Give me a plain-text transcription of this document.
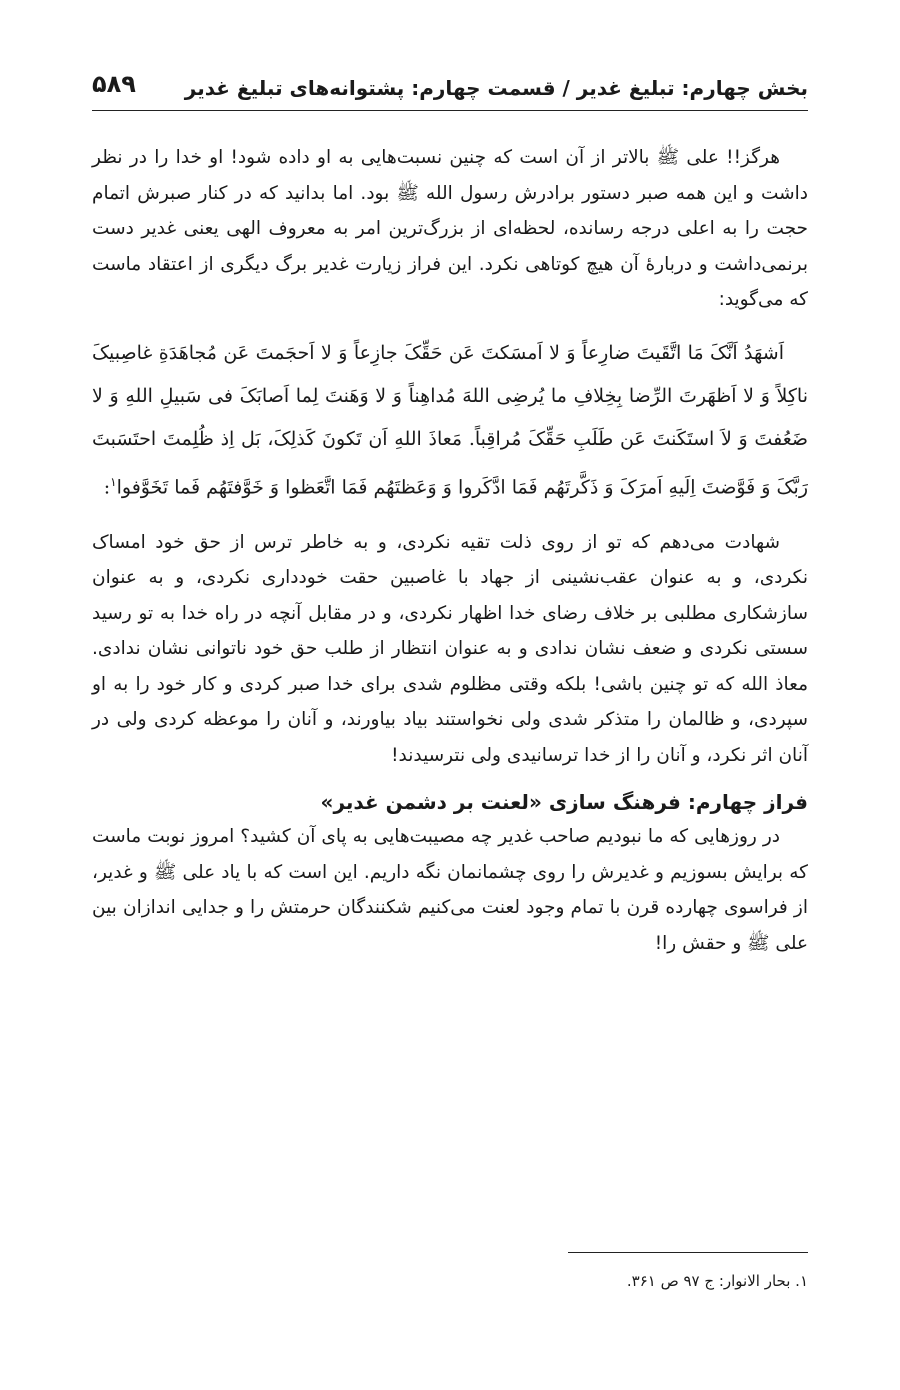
بخش چهارم: تبلیغ غدیر / قسمت چهارم: پشتوانه‌های تبلیغ غدیر
۵۸۹

هرگز!! علی ﷺ بالاتر از آن است که چنین نسبت‌هایی به او داده شود! او خدا را در نظر داشت و این همه صبر دستور برادرش رسول الله ﷺ بود. اما بدانید که در کنار صبرش اتمام حجت را به اعلی درجه رسانده، لحظه‌ای از بزرگ‌ترین امر به معروف الهی یعنی غدیر دست برنمی‌داشت و دربارهٔ آن هیچ کوتاهی نکرد. این فراز زیارت غدیر برگ دیگری از اعتقاد ماست که می‌گوید:

اَشهَدُ اَنَّکَ مَا اتَّقَیتَ ضارِعاً وَ لا اَمسَکتَ عَن حَقِّکَ جازِعاً وَ لا اَحجَمتَ عَن مُجاهَدَةِ غاصِبیکَ ناکِلاً وَ لا اَظهَرتَ الرِّضا بِخِلافِ ما یُرضِی اللهَ مُداهِناً وَ لا وَهَنتَ لِما اَصابَکَ فی سَبیلِ اللهِ وَ لا ضَعُفتَ وَ لاَ استَکَنتَ عَن طَلَبِ حَقِّکَ مُراقِباً. مَعاذَ اللهِ اَن تَکونَ کَذلِکَ، بَل اِذ ظُلِمتَ احتَسَبتَ رَبَّکَ وَ فَوَّضتَ اِلَیهِ اَمرَکَ وَ ذَکَّرتَهُم فَمَا ادَّکَروا وَ وَعَظتَهُم فَمَا اتَّعَظوا وَ خَوَّفتَهُم فَما تَخَوَّفوا$^۱$:

شهادت می‌دهم که تو از روی ذلت تقیه نکردی، و به خاطر ترس از حق خود امساک نکردی، و به عنوان عقب‌نشینی از جهاد با غاصبین حقت خودداری نکردی، و به عنوان سازشکاری مطلبی بر خلاف رضای خدا اظهار نکردی، و در مقابل آنچه در راه خدا به تو رسید سستی نکردی و ضعف نشان ندادی و به عنوان انتظار از طلب حق خود ناتوانی نشان ندادی. معاذ الله که تو چنین باشی! بلکه وقتی مظلوم شدی برای خدا صبر کردی و کار خود را به او سپردی، و ظالمان را متذکر شدی ولی نخواستند بیاد بیاورند، و آنان را موعظه کردی ولی در آنان اثر نکرد، و آنان را از خدا ترسانیدی ولی نترسیدند!

فراز چهارم: فرهنگ سازی «لعنت بر دشمن غدیر»

در روزهایی که ما نبودیم صاحب غدیر چه مصیبت‌هایی به پای آن کشید؟ امروز نوبت ماست که برایش بسوزیم و غدیرش را روی چشمانمان نگه داریم. این است که با یاد علی ﷺ و غدیر، از فراسوی چهارده قرن با تمام وجود لعنت می‌کنیم شکنندگان حرمتش را و جدایی اندازان بین علی ﷺ و حقش را!

۱. بحار الانوار: ج ۹۷ ص ۳۶۱.
